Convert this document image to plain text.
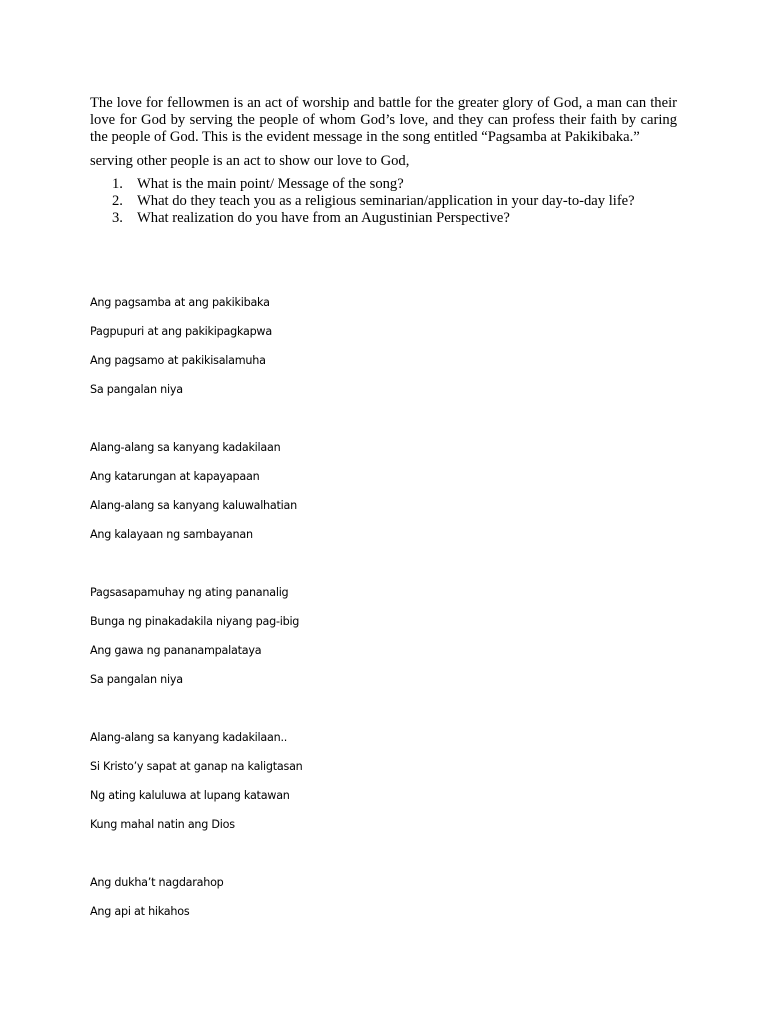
The love for fellowmen is an act of worship and battle for the greater glory of God, a man can their love for God by serving the people of whom God’s love, and they can profess their faith by caring the people of God. This is the evident message in the song entitled “Pagsamba at Pakikibaka.”

serving other people is an act to show our love to God,

1. What is the main point/ Message of the song?
2. What do they teach you as a religious seminarian/application in your day-to-day life?
3. What realization do you have from an Augustinian Perspective?
Ang pagsamba at ang pakikibaka
Pagpupuri at ang pakikipagkapwa
Ang pagsamo at pakikisalamuha
Sa pangalan niya
Alang-alang sa kanyang kadakilaan
Ang katarungan at kapayapaan
Alang-alang sa kanyang kaluwalhatian
Ang kalayaan ng sambayanan
Pagsasapamuhay ng ating pananalig
Bunga ng pinakadakila niyang pag-ibig
Ang gawa ng pananampalataya
Sa pangalan niya
Alang-alang sa kanyang kadakilaan..
Si Kristo’y sapat at ganap na kaligtasan
Ng ating kaluluwa at lupang katawan
Kung mahal natin ang Dios
Ang dukha’t nagdarahop
Ang api at hikahos
